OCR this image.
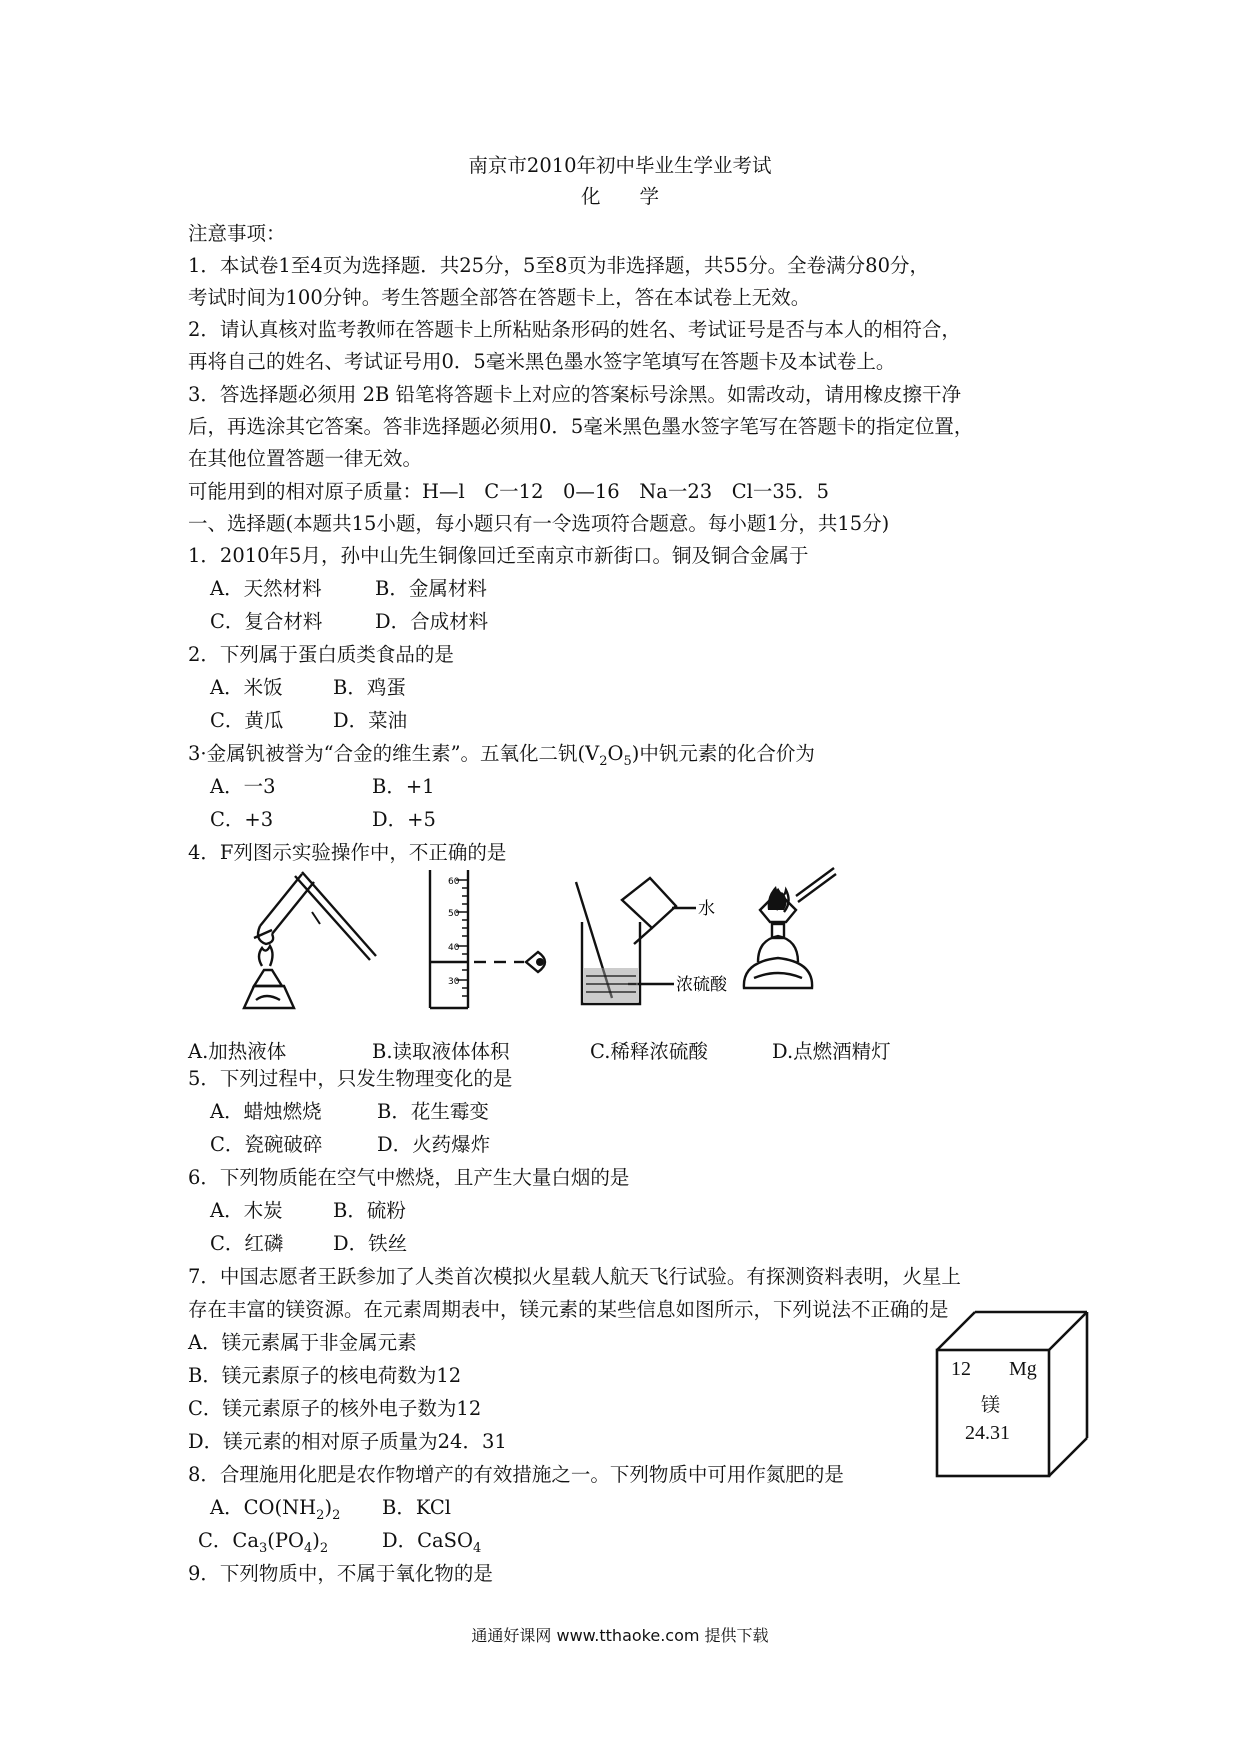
南京市2010年初中毕业生学业考试
化　　学
注意事项：
1．本试卷1至4页为选择题．共25分，5至8页为非选择题，共55分。全卷满分80分，
考试时间为100分钟。考生答题全部答在答题卡上，答在本试卷上无效。
2．请认真核对监考教师在答题卡上所粘贴条形码的姓名、考试证号是否与本人的相符合，
再将自己的姓名、考试证号用0．5毫米黑色墨水签字笔填写在答题卡及本试卷上。
3．答选择题必须用 2B 铅笔将答题卡上对应的答案标号涂黑。如需改动，请用橡皮擦干净
后，再选涂其它答案。答非选择题必须用0．5毫米黑色墨水签字笔写在答题卡的指定位置，
在其他位置答题一律无效。
可能用到的相对原子质量：H—l　C一12　0—16　Na一23　Cl一35．5
一、选择题(本题共15小题，每小题只有一令选项符合题意。每小题1分，共15分)
1．2010年5月，孙中山先生铜像回迁至南京市新街口。铜及铜合金属于
A．天然材料	B．金属材料
C．复合材料	D．合成材料
2．下列属于蛋白质类食品的是
A．米饭	B．鸡蛋
C．黄瓜	D．菜油
3·金属钒被誉为“合金的维生素”。五氧化二钒$(V_2O_5)$中钒元素的化合价为
A．一3	B．+1
C．+3	D．+5
4．F列图示实验操作中，不正确的是
60
50
40
30
水
浓硫酸
A.加热液体	B.读取液体体积	C.稀释浓硫酸	D.点燃酒精灯
5．下列过程中，只发生物理变化的是
A．蜡烛燃烧	B．花生霉变
C．瓷碗破碎	D．火药爆炸
6．下列物质能在空气中燃烧，且产生大量白烟的是
A．木炭	B．硫粉
C．红磷	D．铁丝
7．中国志愿者王跃参加了人类首次模拟火星载人航天飞行试验。有探测资料表明，火星上
存在丰富的镁资源。在元素周期表中，镁元素的某些信息如图所示，下列说法不正确的是
A．镁元素属于非金属元素
B．镁元素原子的核电荷数为12
C．镁元素原子的核外电子数为12
D．镁元素的相对原子质量为24．31
12 Mg
镁
24.31
8．合理施用化肥是农作物增产的有效措施之一。下列物质中可用作氮肥的是
A．$CO(NH_2)_2$ B．KCl
C．$Ca_3(PO_4)_2$	D．CaSO$_4$
9．下列物质中，不属于氧化物的是
通通好课网 www.tthaoke.com 提供下载
